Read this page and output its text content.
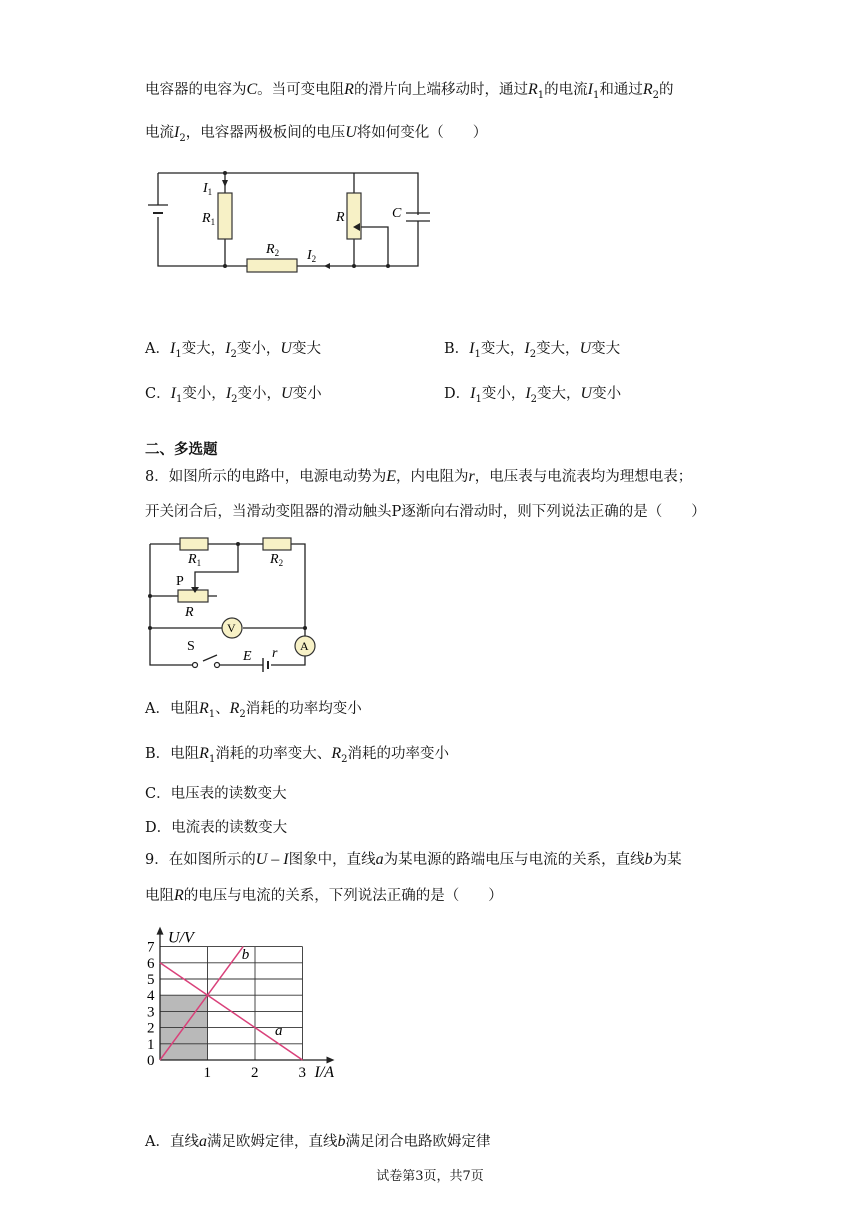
电容器的电容为C。当可变电阻R的滑片向上端移动时，通过$R_1$的电流$I_1$和通过$R_2$的
电流$I_2$，电容器两极板间的电压U将如何变化（　　）
$I_1$
$R_1$	R	C
$R_2$ $I_2$
A．$I_1$变大，$I_2$变小，U变大	B．$I_1$变大，$I_2$变大，U变大
C．$I_1$变小，$I_2$变小，U变小	D．$I_1$变小，$I_2$变大，U变小
二、多选题
8．如图所示的电路中，电源电动势为E，内电阻为r，电压表与电流表均为理想电表；
开关闭合后，当滑动变阻器的滑动触头P逐渐向右滑动时，则下列说法正确的是（　　）
V
A
$R_1$	$R_2$
P
R
S
E r
A．电阻$R_1$、$R_2$消耗的功率均变小
B．电阻$R_1$消耗的功率变大、$R_2$消耗的功率变小
C．电压表的读数变大
D．电流表的读数变大
9．在如图所示的U – I图象中，直线a为某电源的路端电压与电流的关系，直线b为某
电阻R的电压与电流的关系，下列说法正确的是（　　）
0
1
2
3
4
5
6
7
1	2	3
a
b
U/V
I/A
A．直线a满足欧姆定律，直线b满足闭合电路欧姆定律
试卷第3页，共7页
